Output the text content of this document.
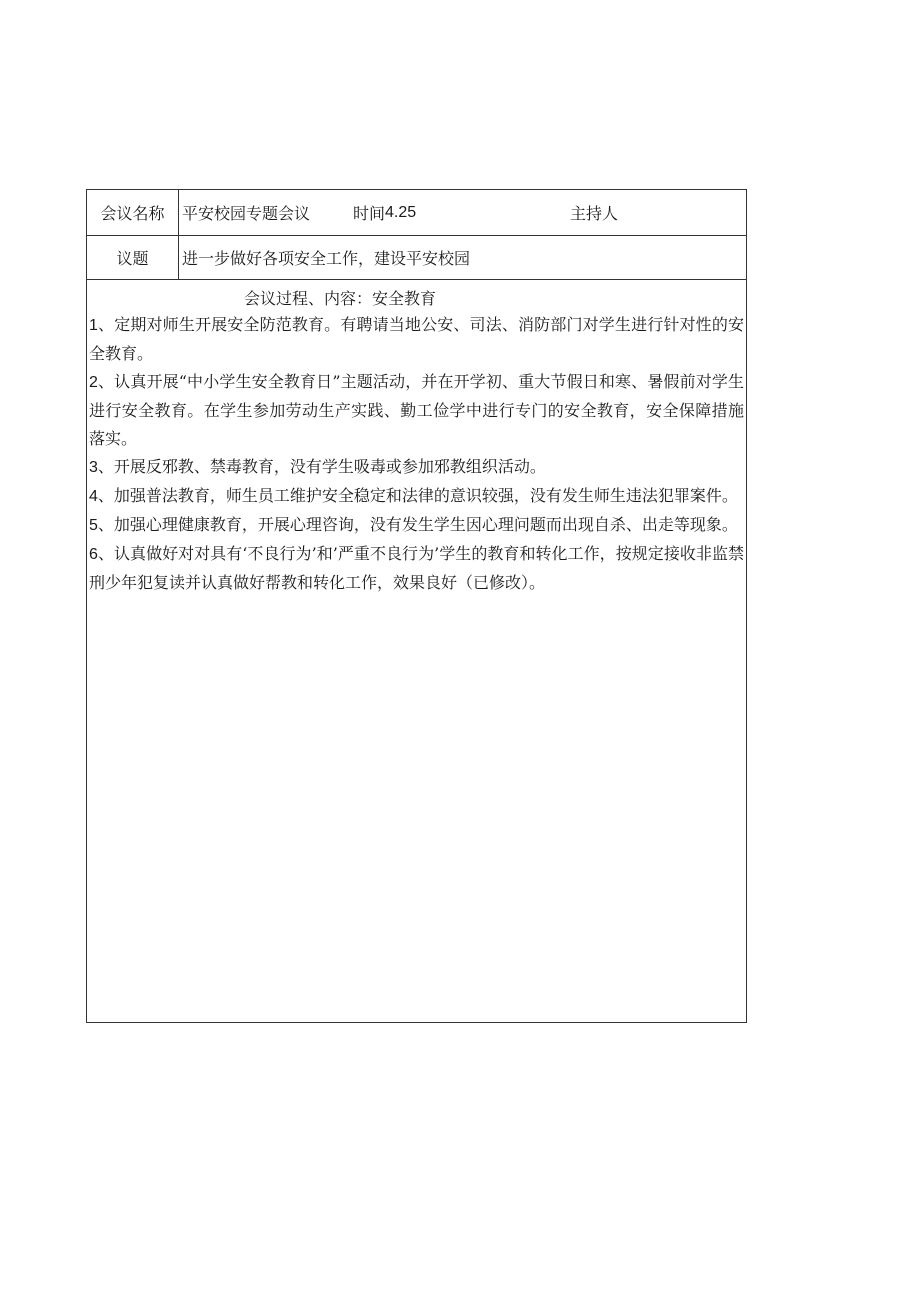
会议名称	平安校园专题会议	时间 4.25	主持人
议题	进一步做好各项安全工作，建设平安校园
会议过程、内容：安全教育

1、定期对师生开展安全防范教育。有聘请当地公安、司法、消防部门对学生进行针对性的安全教育。

2、认真开展“中小学生安全教育日”主题活动，并在开学初、重大节假日和寒、暑假前对学生进行安全教育。在学生参加劳动生产实践、勤工俭学中进行专门的安全教育，安全保障措施落实。

3、开展反邪教、禁毒教育，没有学生吸毒或参加邪教组织活动。

4、加强普法教育，师生员工维护安全稳定和法律的意识较强，没有发生师生违法犯罪案件。

5、加强心理健康教育，开展心理咨询，没有发生学生因心理问题而出现自杀、出走等现象。

6、认真做好对对具有‘不良行为’和’严重不良行为’学生的教育和转化工作，按规定接收非监禁刑少年犯复读并认真做好帮教和转化工作，效果良好（已修改）。
